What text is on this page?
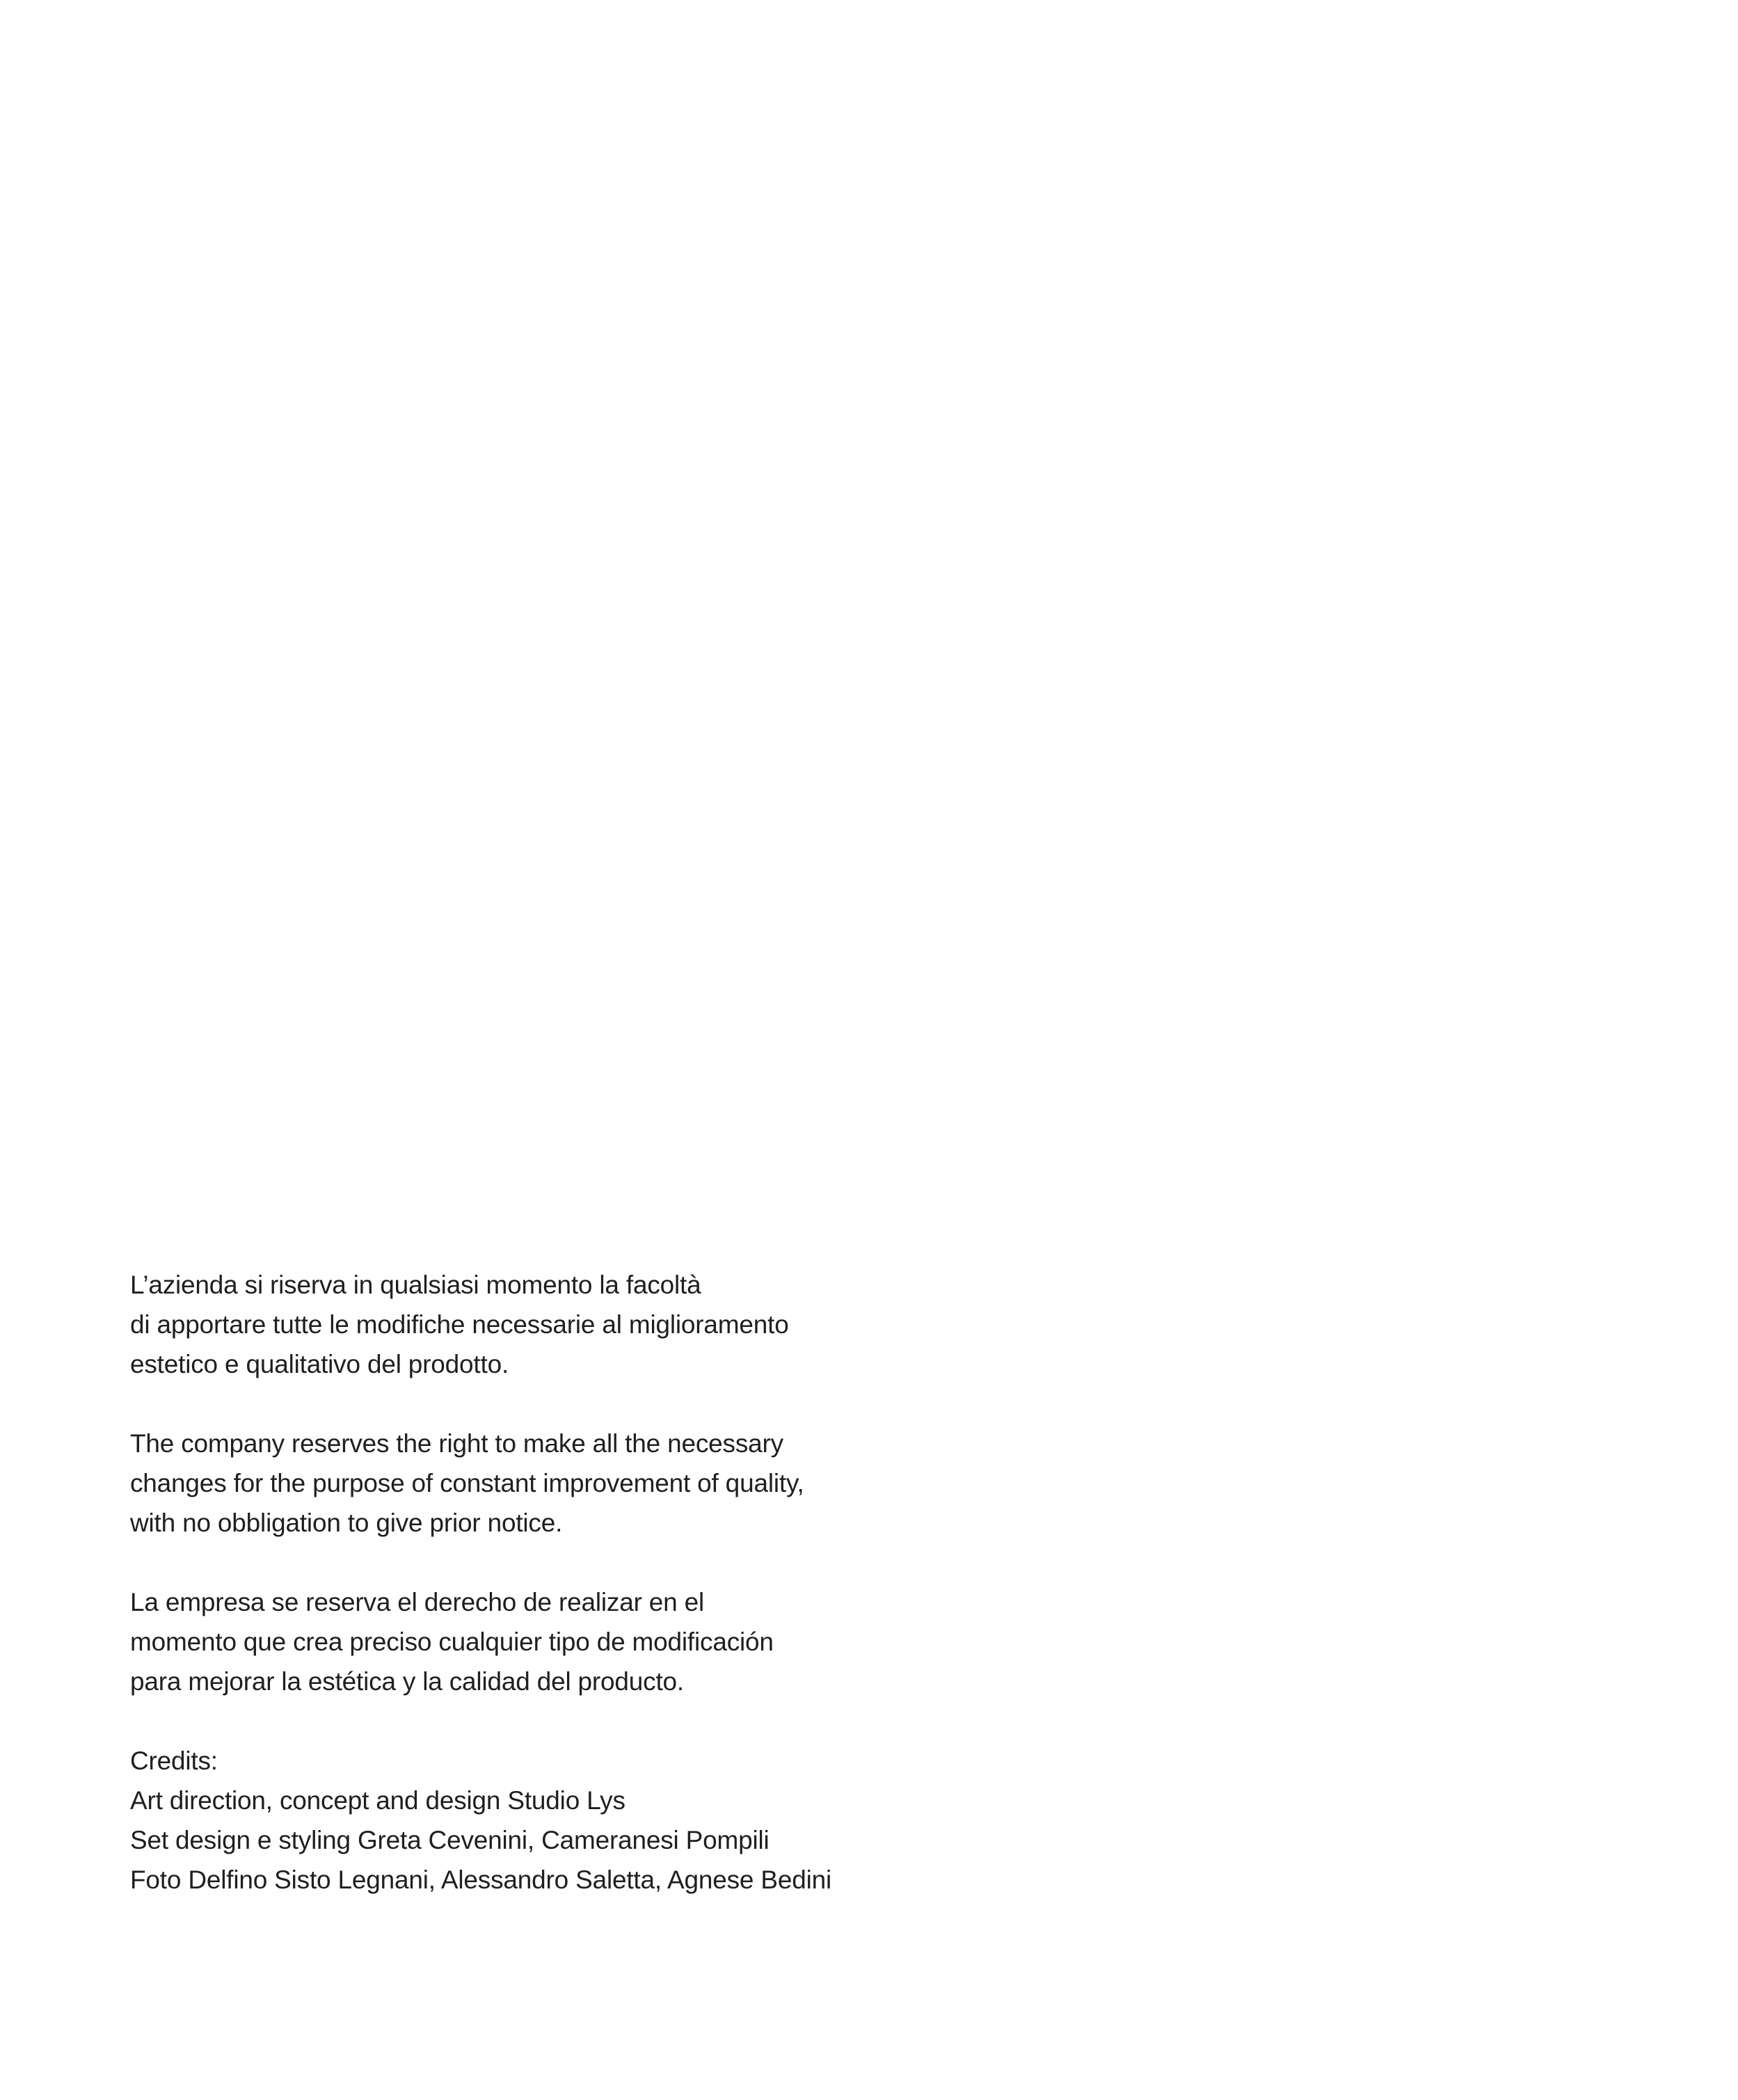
L’azienda si riserva in qualsiasi momento la facoltà
di apportare tutte le modifiche necessarie al miglioramento
estetico e qualitativo del prodotto.

The company reserves the right to make all the necessary
changes for the purpose of constant improvement of quality,
with no obbligation to give prior notice.

La empresa se reserva el derecho de realizar en el
momento que crea preciso cualquier tipo de modificación
para mejorar la estética y la calidad del producto.

Credits:
Art direction, concept and design Studio Lys
Set design e styling Greta Cevenini, Cameranesi Pompili
Foto Delfino Sisto Legnani, Alessandro Saletta, Agnese Bedini
